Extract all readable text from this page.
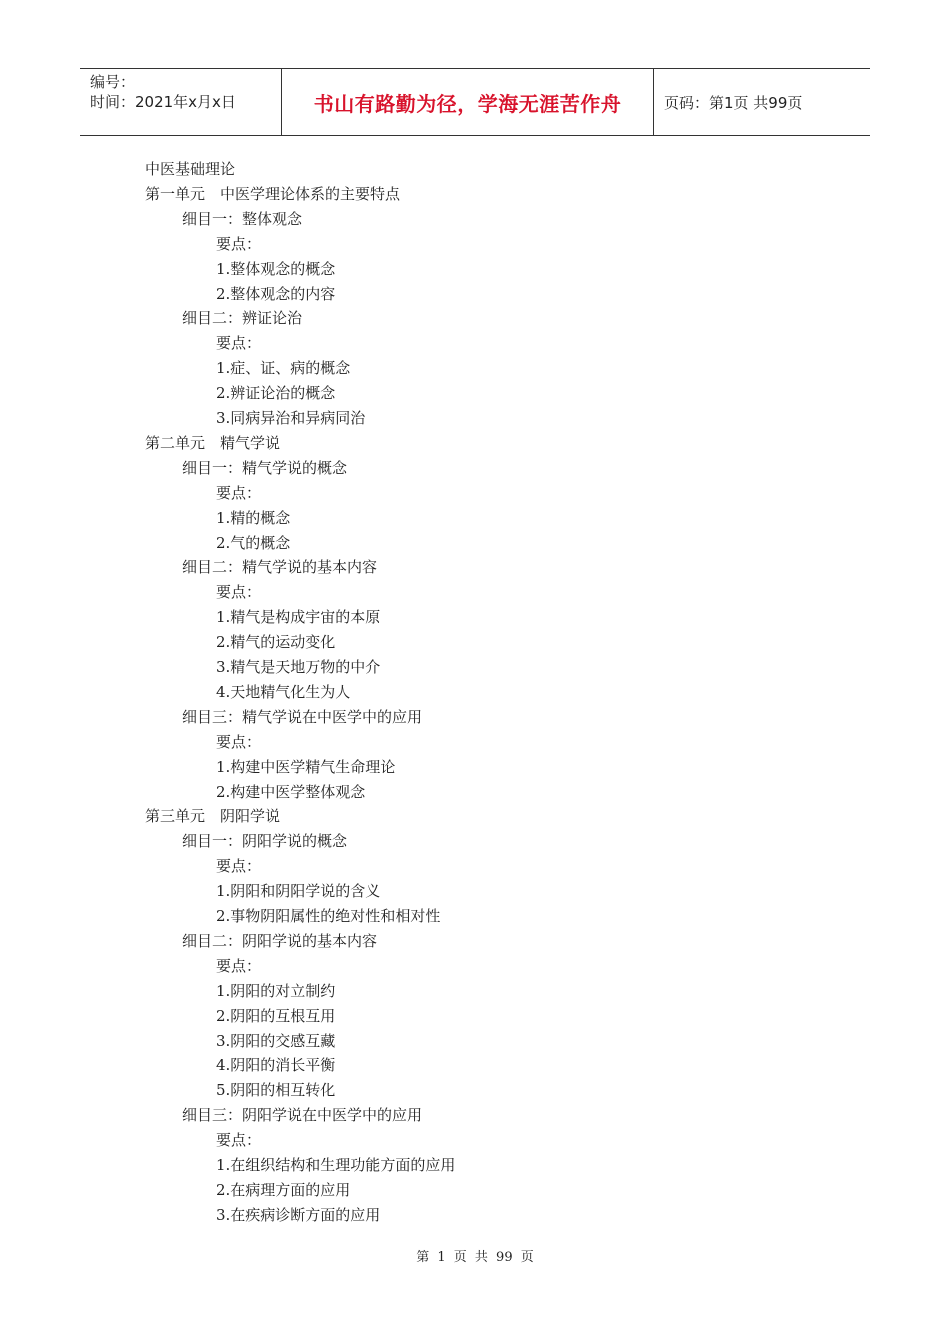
编号：
时间：2021年x月x日	书山有路勤为径，学海无涯苦作舟	页码：第1页 共99页
中医基础理论
第一单元　中医学理论体系的主要特点
细目一：整体观念
要点：
1.整体观念的概念
2.整体观念的内容
细目二：辨证论治
要点：
1.症、证、病的概念
2.辨证论治的概念
3.同病异治和异病同治
第二单元　精气学说
细目一：精气学说的概念
要点：
1.精的概念
2.气的概念
细目二：精气学说的基本内容
要点：
1.精气是构成宇宙的本原
2.精气的运动变化
3.精气是天地万物的中介
4.天地精气化生为人
细目三：精气学说在中医学中的应用
要点：
1.构建中医学精气生命理论
2.构建中医学整体观念
第三单元　阴阳学说
细目一：阴阳学说的概念
要点：
1.阴阳和阴阳学说的含义
2.事物阴阳属性的绝对性和相对性
细目二：阴阳学说的基本内容
要点：
1.阴阳的对立制约
2.阴阳的互根互用
3.阴阳的交感互藏
4.阴阳的消长平衡
5.阴阳的相互转化
细目三：阴阳学说在中医学中的应用
要点：
1.在组织结构和生理功能方面的应用
2.在病理方面的应用
3.在疾病诊断方面的应用
第 1 页 共 99 页
